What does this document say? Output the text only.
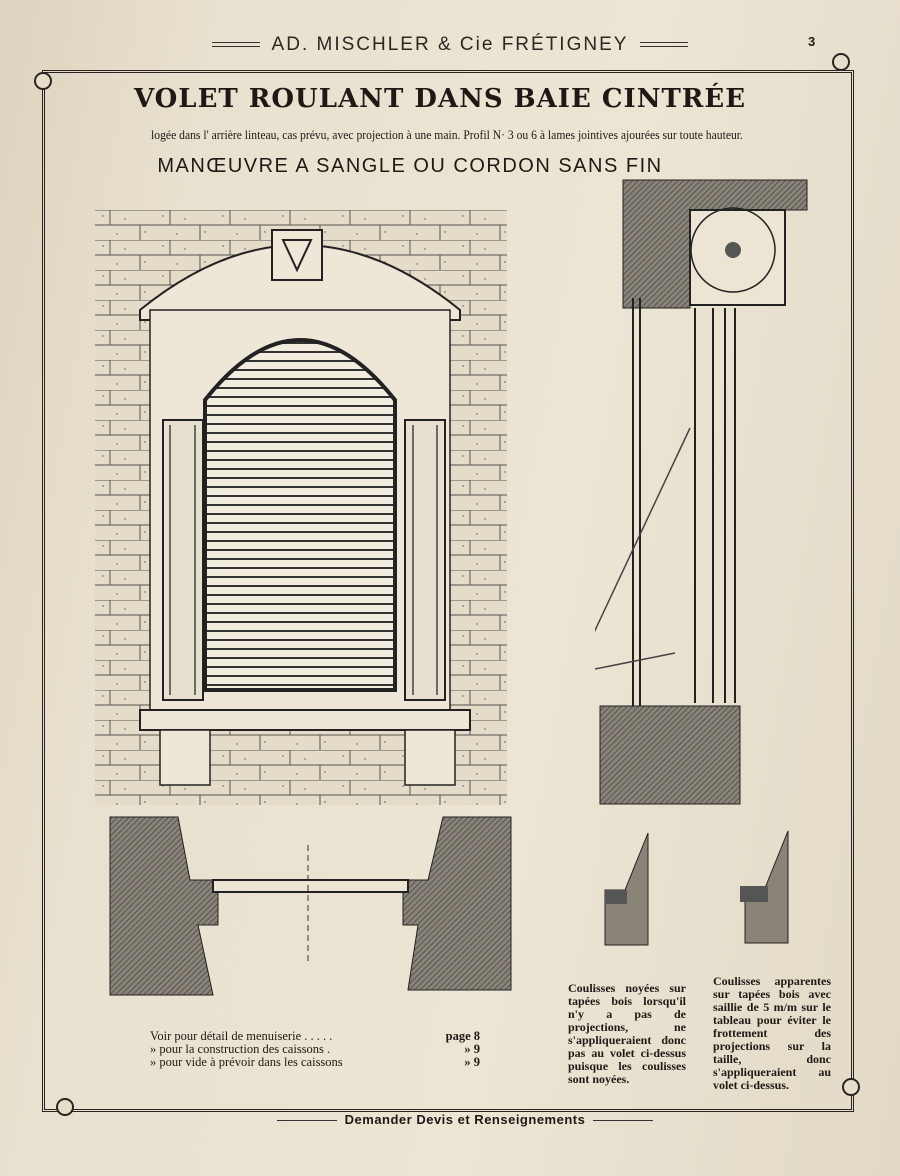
AD. MISCHLER & Cie FRÉTIGNEY	3
VOLET ROULANT DANS BAIE CINTRÉE
logée dans l' arrière linteau, cas prévu, avec projection à une main. Profil N· 3 ou 6 à lames jointives ajourées sur toute hauteur.
MANŒUVRE A SANGLE OU CORDON SANS FIN
Voir pour détail de menuiserie . . . . .	page 8
» pour la construction des caissons .	» 9
» pour vide à prévoir dans les caissons	» 9
Coulisses noyées sur tapées bois lorsqu'il n'y a pas de projections, ne s'appliqueraient donc pas au volet ci-dessus puisque les coulisses sont noyées.
Coulisses apparentes sur tapées bois avec saillie de 5 m/m sur le tableau pour éviter le frottement des projections sur la taille, donc s'appliqueraient au volet ci-dessus.
Demander Devis et Renseignements
